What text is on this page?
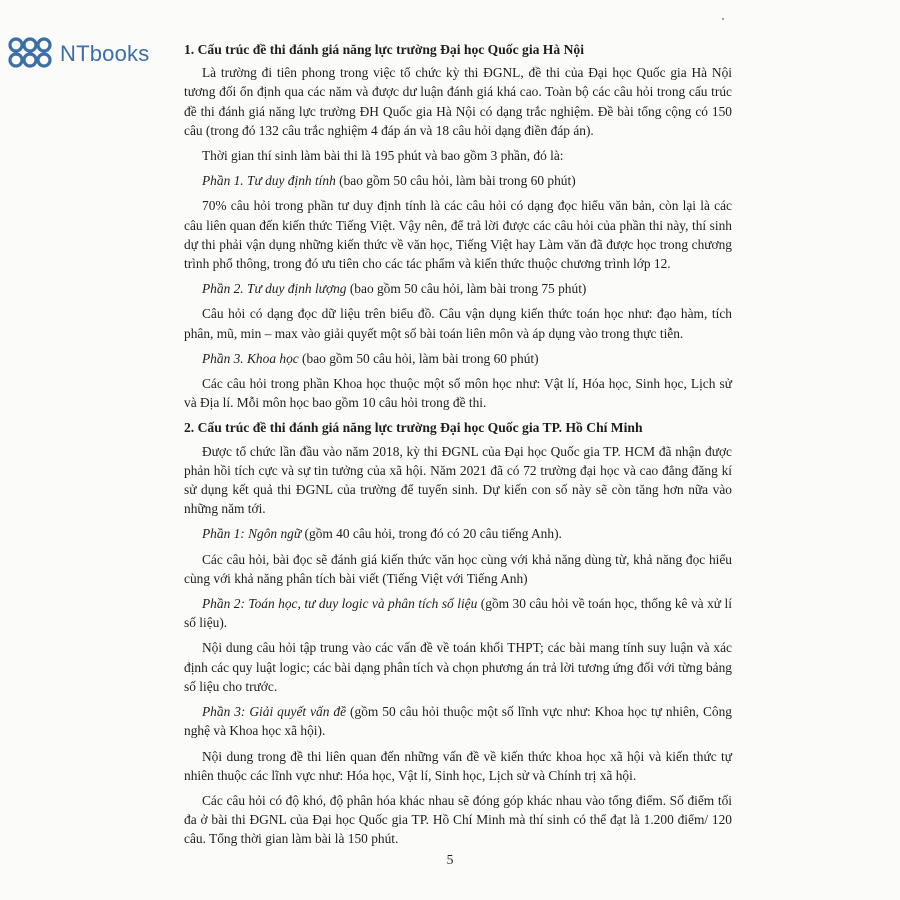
NTbooks	1. Cấu trúc đề thi đánh giá năng lực trường Đại học Quốc gia Hà Nội
Là trường đi tiên phong trong việc tổ chức kỳ thi ĐGNL, đề thi của Đại học Quốc gia Hà Nội tương đối ổn định qua các năm và được dư luận đánh giá khá cao. Toàn bộ các câu hỏi trong cấu trúc đề thi đánh giá năng lực trường ĐH Quốc gia Hà Nội có dạng trắc nghiệm. Đề bài tổng cộng có 150 câu (trong đó 132 câu trắc nghiệm 4 đáp án và 18 câu hỏi dạng điền đáp án).
Thời gian thí sinh làm bài thi là 195 phút và bao gồm 3 phần, đó là:
Phần 1. Tư duy định tính (bao gồm 50 câu hỏi, làm bài trong 60 phút)
70% câu hỏi trong phần tư duy định tính là các câu hỏi có dạng đọc hiểu văn bản, còn lại là các câu liên quan đến kiến thức Tiếng Việt. Vậy nên, để trả lời được các câu hỏi của phần thi này, thí sinh dự thi phải vận dụng những kiến thức về văn học, Tiếng Việt hay Làm văn đã được học trong chương trình phổ thông, trong đó ưu tiên cho các tác phẩm và kiến thức thuộc chương trình lớp 12.
Phần 2. Tư duy định lượng (bao gồm 50 câu hỏi, làm bài trong 75 phút)
Câu hỏi có dạng đọc dữ liệu trên biểu đồ. Câu vận dụng kiến thức toán học như: đạo hàm, tích phân, mũ, min – max vào giải quyết một số bài toán liên môn và áp dụng vào trong thực tiễn.
Phần 3. Khoa học (bao gồm 50 câu hỏi, làm bài trong 60 phút)
Các câu hỏi trong phần Khoa học thuộc một số môn học như: Vật lí, Hóa học, Sinh học, Lịch sử và Địa lí. Mỗi môn học bao gồm 10 câu hỏi trong đề thi.
2. Cấu trúc đề thi đánh giá năng lực trường Đại học Quốc gia TP. Hồ Chí Minh
Được tổ chức lần đầu vào năm 2018, kỳ thi ĐGNL của Đại học Quốc gia TP. HCM đã nhận được phản hồi tích cực và sự tin tưởng của xã hội. Năm 2021 đã có 72 trường đại học và cao đẳng đăng kí sử dụng kết quả thi ĐGNL của trường để tuyển sinh. Dự kiến con số này sẽ còn tăng hơn nữa vào những năm tới.
Phần 1: Ngôn ngữ (gồm 40 câu hỏi, trong đó có 20 câu tiếng Anh).
Các câu hỏi, bài đọc sẽ đánh giá kiến thức văn học cùng với khả năng dùng từ, khả năng đọc hiểu cùng với khả năng phân tích bài viết (Tiếng Việt với Tiếng Anh)
Phần 2: Toán học, tư duy logic và phân tích số liệu (gồm 30 câu hỏi về toán học, thống kê và xử lí số liệu).
Nội dung câu hỏi tập trung vào các vấn đề về toán khối THPT; các bài mang tính suy luận và xác định các quy luật logic; các bài dạng phân tích và chọn phương án trả lời tương ứng đối với từng bảng số liệu cho trước.
Phần 3: Giải quyết vấn đề (gồm 50 câu hỏi thuộc một số lĩnh vực như: Khoa học tự nhiên, Công nghệ và Khoa học xã hội).
Nội dung trong đề thi liên quan đến những vấn đề về kiến thức khoa học xã hội và kiến thức tự nhiên thuộc các lĩnh vực như: Hóa học, Vật lí, Sinh học, Lịch sử và Chính trị xã hội.
Các câu hỏi có độ khó, độ phân hóa khác nhau sẽ đóng góp khác nhau vào tổng điểm. Số điểm tối đa ở bài thi ĐGNL của Đại học Quốc gia TP. Hồ Chí Minh mà thí sinh có thể đạt là 1.200 điểm/ 120 câu. Tổng thời gian làm bài là 150 phút.
5
